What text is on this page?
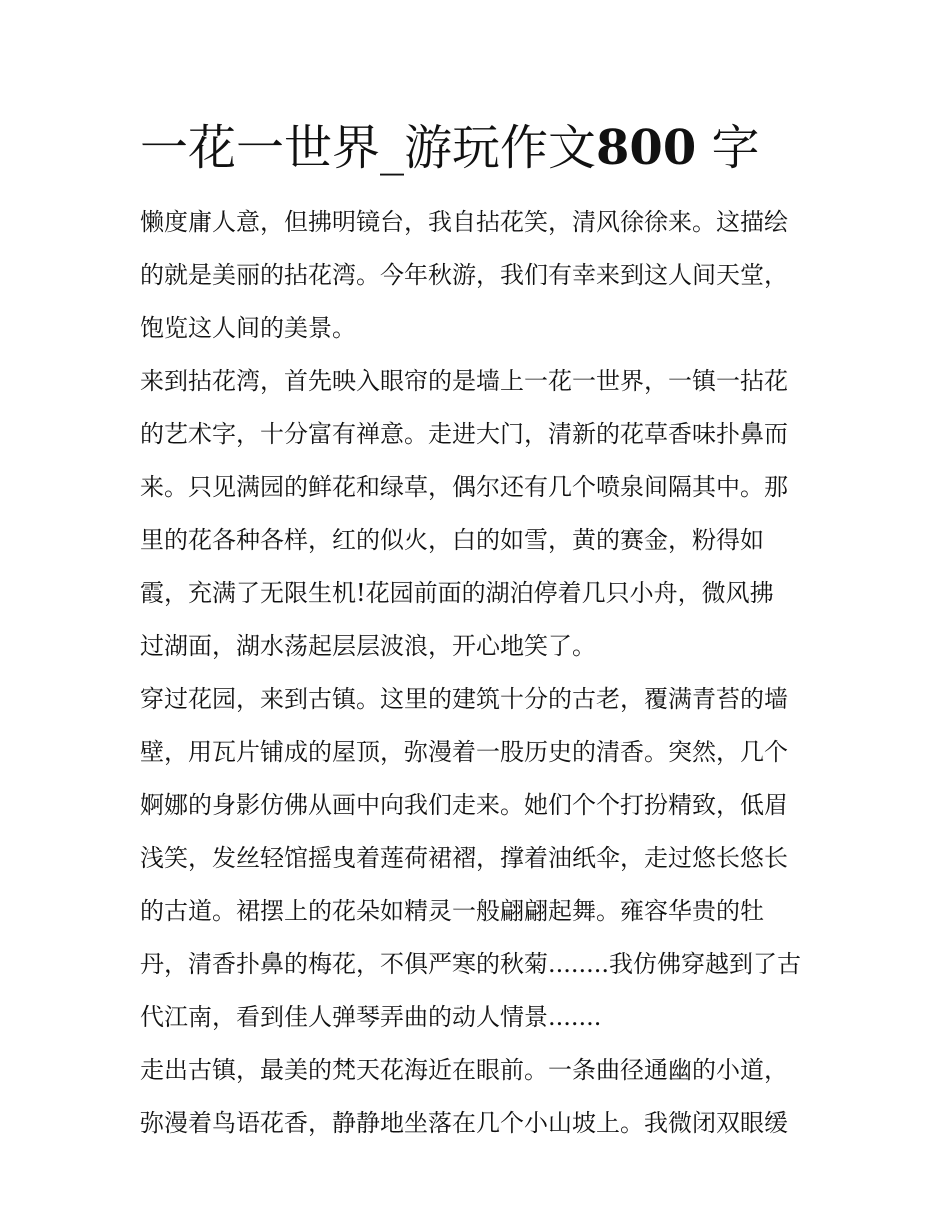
一花一世界_游玩作文800 字
懒度庸人意，但拂明镜台，我自拈花笑，清风徐徐来。这描绘
的就是美丽的拈花湾。今年秋游，我们有幸来到这人间天堂，
饱览这人间的美景。
来到拈花湾，首先映入眼帘的是墙上一花一世界，一镇一拈花
的艺术字，十分富有禅意。走进大门，清新的花草香味扑鼻而
来。只见满园的鲜花和绿草，偶尔还有几个喷泉间隔其中。那
里的花各种各样，红的似火，白的如雪，黄的赛金，粉得如
霞，充满了无限生机!花园前面的湖泊停着几只小舟，微风拂
过湖面，湖水荡起层层波浪，开心地笑了。
穿过花园，来到古镇。这里的建筑十分的古老，覆满青苔的墙
壁，用瓦片铺成的屋顶，弥漫着一股历史的清香。突然，几个
婀娜的身影仿佛从画中向我们走来。她们个个打扮精致，低眉
浅笑，发丝轻馆摇曳着莲荷裙褶，撑着油纸伞，走过悠长悠长
的古道。裙摆上的花朵如精灵一般翩翩起舞。雍容华贵的牡
丹，清香扑鼻的梅花，不俱严寒的秋菊........我仿佛穿越到了古
代江南，看到佳人弹琴弄曲的动人情景.......
走出古镇，最美的梵天花海近在眼前。一条曲径通幽的小道，
弥漫着鸟语花香，静静地坐落在几个小山坡上。我微闭双眼缓
